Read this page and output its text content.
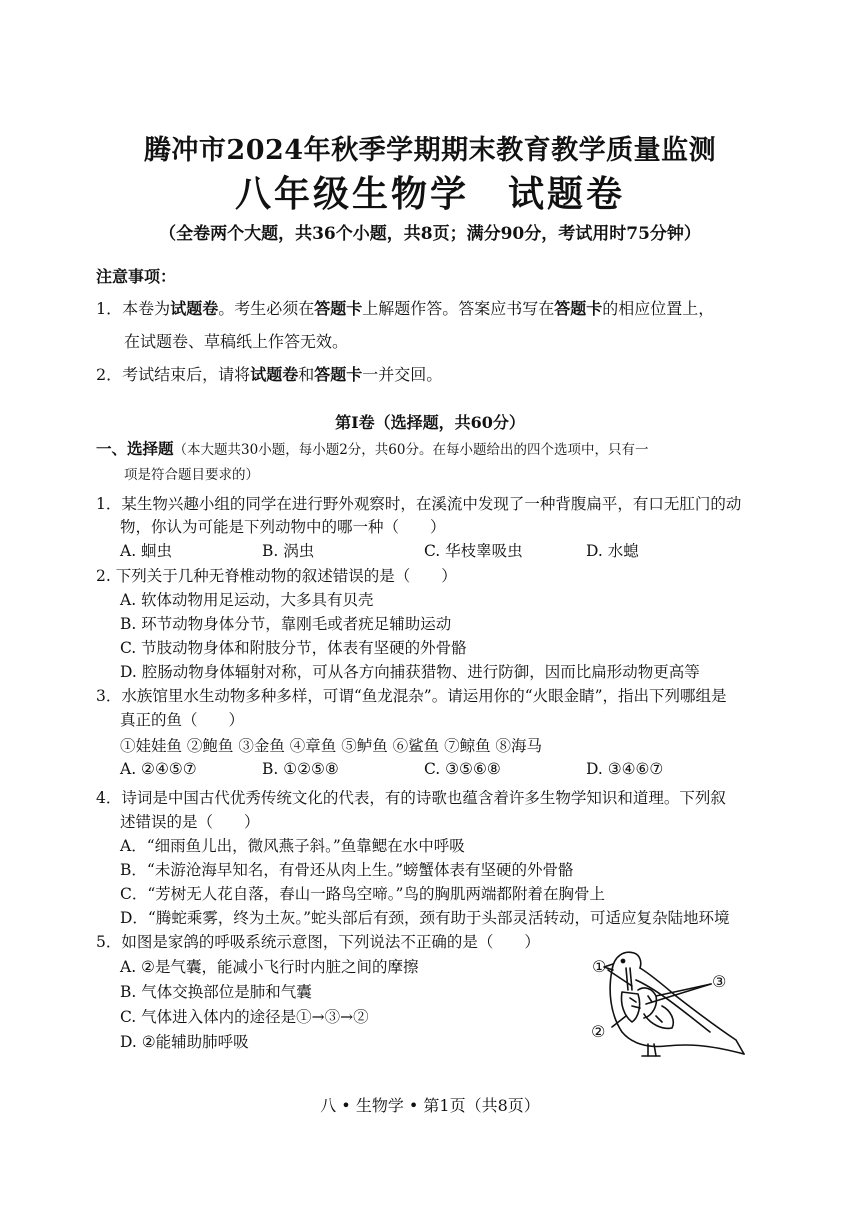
腾冲市2024年秋季学期期末教育教学质量监测
八年级生物学　试题卷
（全卷两个大题，共36个小题，共8页；满分90分，考试用时75分钟）
注意事项：
1．本卷为试题卷。考生必须在答题卡上解题作答。答案应书写在答题卡的相应位置上，
在试题卷、草稿纸上作答无效。
2．考试结束后，请将试题卷和答题卡一并交回。
第Ⅰ卷（选择题，共60分）
一、选择题（本大题共30小题，每小题2分，共60分。在每小题给出的四个选项中，只有一
项是符合题目要求的）
1．某生物兴趣小组的同学在进行野外观察时，在溪流中发现了一种背腹扁平，有口无肛门的动
物，你认为可能是下列动物中的哪一种（　　）
A. 蛔虫	B. 涡虫	C. 华枝睾吸虫	D. 水螅
2. 下列关于几种无脊椎动物的叙述错误的是（　　）
A. 软体动物用足运动，大多具有贝壳
B. 环节动物身体分节，靠刚毛或者疣足辅助运动
C. 节肢动物身体和附肢分节，体表有坚硬的外骨骼
D. 腔肠动物身体辐射对称，可从各方向捕获猎物、进行防御，因而比扁形动物更高等
3．水族馆里水生动物多种多样，可谓“鱼龙混杂”。请运用你的“火眼金睛”，指出下列哪组是
真正的鱼（　　）
①娃娃鱼 ②鲍鱼 ③金鱼 ④章鱼 ⑤鲈鱼 ⑥鲨鱼 ⑦鲸鱼 ⑧海马
A. ②④⑤⑦	B. ①②⑤⑧	C. ③⑤⑥⑧	D. ③④⑥⑦
4．诗词是中国古代优秀传统文化的代表，有的诗歌也蕴含着许多生物学知识和道理。下列叙
述错误的是（　　）
A．“细雨鱼儿出，微风燕子斜。”鱼靠鳃在水中呼吸
B．“未游沧海早知名，有骨还从肉上生。”螃蟹体表有坚硬的外骨骼
C．“芳树无人花自落，春山一路鸟空啼。”鸟的胸肌两端都附着在胸骨上
D．“腾蛇乘雾，终为土灰。”蛇头部后有颈，颈有助于头部灵活转动，可适应复杂陆地环境
5．如图是家鸽的呼吸系统示意图，下列说法不正确的是（　　）
A. ②是气囊，能减小飞行时内脏之间的摩擦
B. 气体交换部位是肺和气囊
C. 气体进入体内的途径是①→③→②
D. ②能辅助肺呼吸
①
②
③
八 • 生物学 • 第1页（共8页）
